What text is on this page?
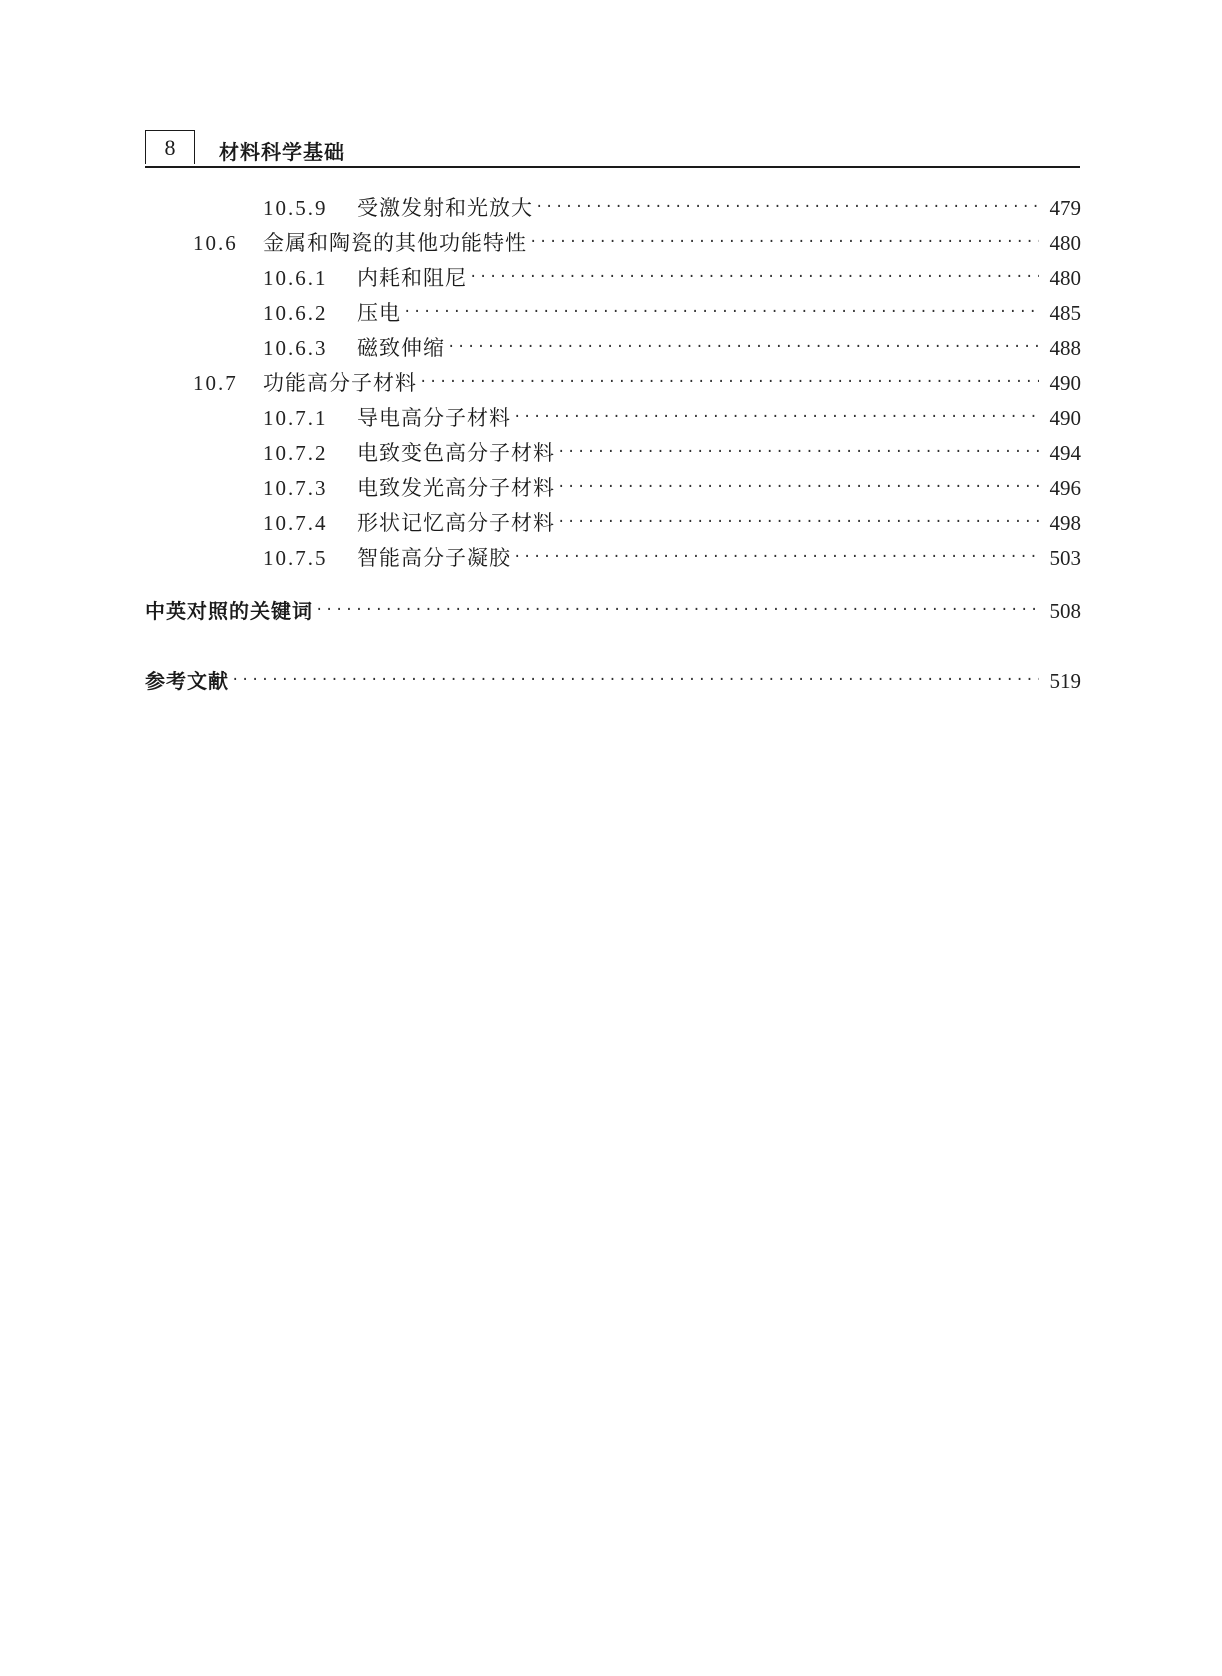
8	材料科学基础
10.5.9	受激发射和光放大 ·····	479
10.6	金属和陶瓷的其他功能特性 ·····	480
10.6.1	内耗和阻尼 ·····	480
10.6.2	压电 ·····	485
10.6.3	磁致伸缩 ·····	488
10.7	功能高分子材料 ·····	490
10.7.1	导电高分子材料 ·····	490
10.7.2	电致变色高分子材料 ·····	494
10.7.3	电致发光高分子材料 ·····	496
10.7.4	形状记忆高分子材料 ·····	498
10.7.5	智能高分子凝胶 ·····	503
中英对照的关键词 ·····	508
参考文献 ·····	519
